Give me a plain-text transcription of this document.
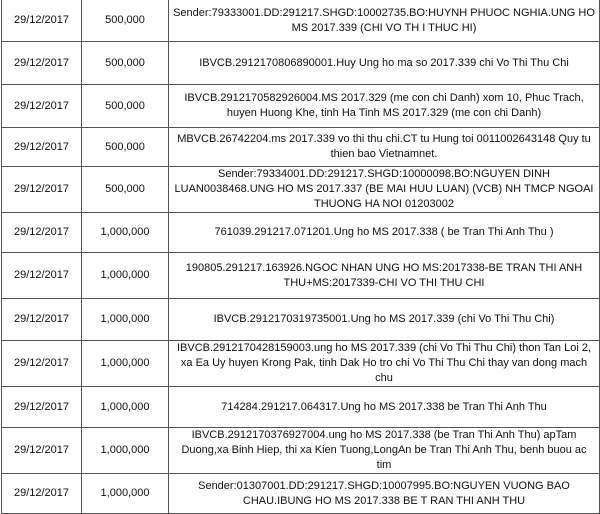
29/12/2017	500,000	Sender:79333001.DD:291217.SHGD:10002735.BO:HUYNH PHUOC NGHIA.UNG HO MS 2017.339 (CHI VO TH I THUC HI)
29/12/2017	500,000	IBVCB.2912170806890001.Huy Ung ho ma so 2017.339 chi Vo Thi Thu Chi
29/12/2017	500,000	IBVCB.2912170582926004.MS 2017.329 (me con chi Danh) xom 10, Phuc Trach, huyen Huong Khe, tinh Ha Tinh MS 2017.329 (me con chi Danh)
29/12/2017	500,000	MBVCB.26742204.ms 2017.339 vo thi thu chi.CT tu Hung toi 0011002643148 Quy tu thien bao Vietnamnet.
29/12/2017	500,000	Sender:79334001.DD:291217.SHGD:10000098.BO:NGUYEN DINH LUAN0038468.UNG HO MS 2017.337 (BE MAI HUU LUAN) (VCB) NH TMCP NGOAI THUONG HA NOI 01203002
29/12/2017	1,000,000	761039.291217.071201.Ung ho MS 2017.338 ( be Tran Thi Anh Thu )
29/12/2017	1,000,000	190805.291217.163926.NGOC NHAN UNG HO MS:2017338-BE TRAN THI ANH THU+MS:2017339-CHI VO THI THU CHI
29/12/2017	1,000,000	IBVCB.2912170319735001.Ung ho MS 2017.339 (chi Vo Thi Thu Chi)
29/12/2017	1,000,000	IBVCB.2912170428159003.ung ho MS 2017.339 (chi Vo Thi Thu Chi) thon Tan Loi 2, xa Ea Uy huyen Krong Pak, tinh Dak Ho tro chi Vo Thi Thu Chi thay van dong mach chu
29/12/2017	1,000,000	714284.291217.064317.Ung ho MS 2017.338 be Tran Thi Anh Thu
29/12/2017	1,000,000	IBVCB.2912170376927004.ung ho MS 2017.338 (be Tran Thi Anh Thu) apTam Duong,xa Binh Hiep, thi xa Kien Tuong,LongAn be Tran Thi Anh Thu, benh buou ac tim
29/12/2017	1,000,000	Sender:01307001.DD:291217.SHGD:10007995.BO:NGUYEN VUONG BAO CHAU.IBUNG HO MS 2017.338 BE T RAN THI ANH THU
